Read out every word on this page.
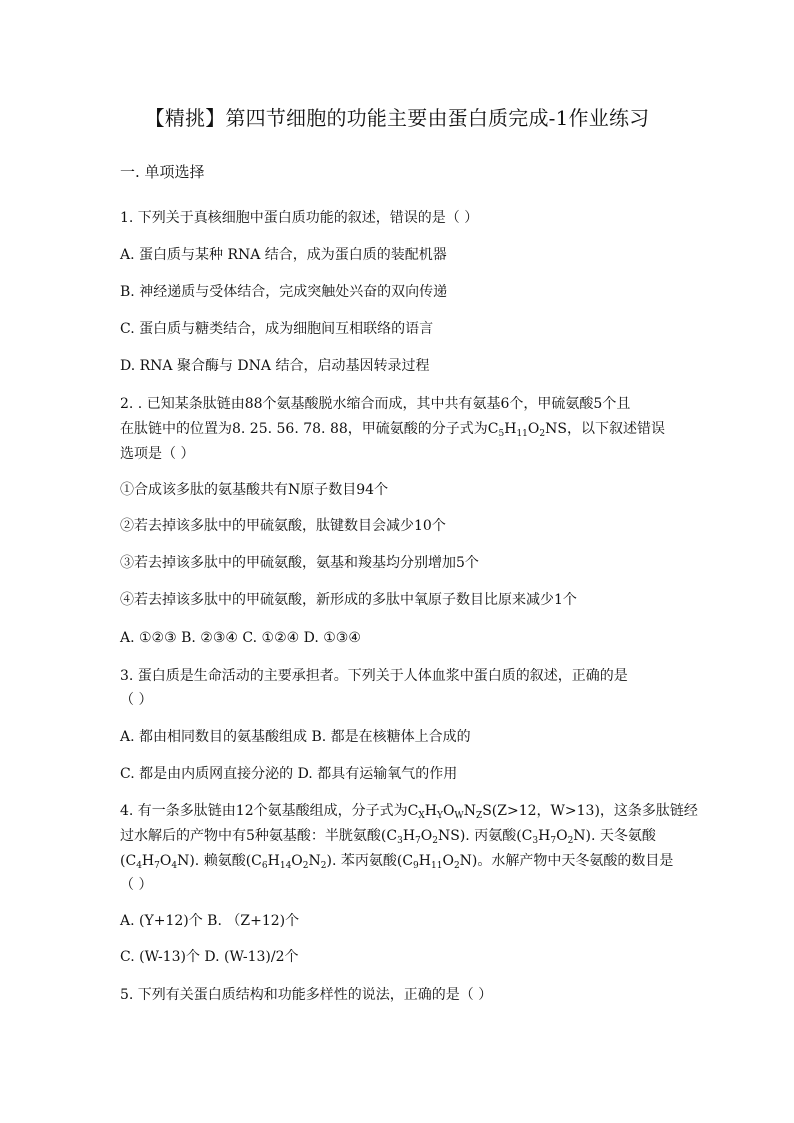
【精挑】第四节细胞的功能主要由蛋白质完成-1作业练习
一. 单项选择
1. 下列关于真核细胞中蛋白质功能的叙述，错误的是（ ）
A. 蛋白质与某种 RNA 结合，成为蛋白质的装配机器
B. 神经递质与受体结合，完成突触处兴奋的双向传递
C. 蛋白质与糖类结合，成为细胞间互相联络的语言
D. RNA 聚合酶与 DNA 结合，启动基因转录过程
2. . 已知某条肽链由88个氨基酸脱水缩合而成，其中共有氨基6个，甲硫氨酸5个且
在肽链中的位置为8. 25. 56. 78. 88，甲硫氨酸的分子式为$C_5H_{11}O_2NS$，以下叙述错误
选项是（ ）
①合成该多肽的氨基酸共有N原子数目94个
②若去掉该多肽中的甲硫氨酸，肽键数目会减少10个
③若去掉该多肽中的甲硫氨酸，氨基和羧基均分别增加5个
④若去掉该多肽中的甲硫氨酸，新形成的多肽中氧原子数目比原来减少1个
A. ①②③ B. ②③④ C. ①②④ D. ①③④
3. 蛋白质是生命活动的主要承担者。下列关于人体血浆中蛋白质的叙述，正确的是
（ ）
A. 都由相同数目的氨基酸组成 B. 都是在核糖体上合成的
C. 都是由内质网直接分泌的 D. 都具有运输氧气的作用
4. 有一条多肽链由12个氨基酸组成，分子式为$C_XH_YO_WN_ZS(Z>12$，W>13)，这条多肽链经
过水解后的产物中有5种氨基酸：半胱氨酸$(C_3H_7O_2NS)$. 丙氨酸$(C_3H_7O_2N)$. 天冬氨酸
$(C_4H_7O_4N)$. 赖氨酸$(C_6H_{14}O_2N_2)$. 苯丙氨酸$(C_9H_{11}O_2N)$。水解产物中天冬氨酸的数目是
（ ）
A. (Y+12)个 B. （Z+12)个
C. (W-13)个 D. (W-13)/2个
5. 下列有关蛋白质结构和功能多样性的说法，正确的是（ ）
